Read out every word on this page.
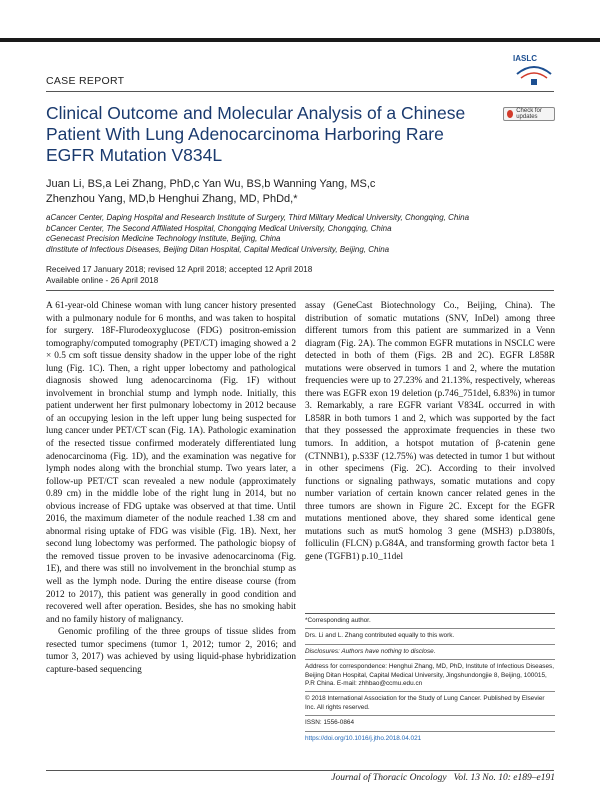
IASLC
CASE REPORT
Check for updates
Clinical Outcome and Molecular Analysis of a Chinese Patient With Lung Adenocarcinoma Harboring Rare EGFR Mutation V834L
Juan Li, BS,a Lei Zhang, PhD,c Yan Wu, BS,b Wanning Yang, MS,c
Zhenzhou Yang, MD,b Henghui Zhang, MD, PhDd,*
aCancer Center, Daping Hospital and Research Institute of Surgery, Third Military Medical University, Chongqing, China
bCancer Center, The Second Affiliated Hospital, Chongqing Medical University, Chongqing, China
cGenecast Precision Medicine Technology Institute, Beijing, China
dInstitute of Infectious Diseases, Beijing Ditan Hospital, Capital Medical University, Beijing, China
Received 17 January 2018; revised 12 April 2018; accepted 12 April 2018
Available online - 26 April 2018

A 61-year-old Chinese woman with lung cancer history presented with a pulmonary nodule for 6 months, and was taken to hospital for surgery. 18F-Flurodeoxyglucose (FDG) positron-emission tomography/computed tomography (PET/CT) imaging showed a 2 × 0.5 cm soft tissue density shadow in the upper lobe of the right lung (Fig. 1C). Then, a right upper lobectomy and pathological diagnosis showed lung adenocarcinoma (Fig. 1F) without involvement in bronchial stump and lymph node. Initially, this patient underwent her first pulmonary lobectomy in 2012 because of an occupying lesion in the left upper lung being suspected for lung cancer under PET/CT scan (Fig. 1A). Pathologic examination of the resected tissue confirmed moderately differentiated lung adenocarcinoma (Fig. 1D), and the examination was negative for lymph nodes along with the bronchial stump. Two years later, a follow-up PET/CT scan revealed a new nodule (approximately 0.89 cm) in the middle lobe of the right lung in 2014, but no obvious increase of FDG uptake was observed at that time. Until 2016, the maximum diameter of the nodule reached 1.38 cm and abnormal rising uptake of FDG was visible (Fig. 1B). Next, her second lung lobectomy was performed. The pathologic biopsy of the removed tissue proven to be invasive adenocarcinoma (Fig. 1E), and there was still no involvement in the bronchial stump as well as the lymph node. During the entire disease course (from 2012 to 2017), this patient was generally in good condition and recovered well after operation. Besides, she has no smoking habit and no family history of malignancy.

Genomic profiling of the three groups of tissue slides from resected tumor specimens (tumor 1, 2012; tumor 2, 2016; and tumor 3, 2017) was achieved by using liquid-phase hybridization capture-based sequencing

assay (GeneCast Biotechnology Co., Beijing, China). The distribution of somatic mutations (SNV, InDel) among three different tumors from this patient are summarized in a Venn diagram (Fig. 2A). The common EGFR mutations in NSCLC were detected in both of them (Figs. 2B and 2C). EGFR L858R mutations were observed in tumors 1 and 2, where the mutation frequencies were up to 27.23% and 21.13%, respectively, whereas there was EGFR exon 19 deletion (p.746_751del, 6.83%) in tumor 3. Remarkably, a rare EGFR variant V834L occurred in with L858R in both tumors 1 and 2, which was supported by the fact that they possessed the approximate frequencies in these two tumors. In addition, a hotspot mutation of β-catenin gene (CTNNB1), p.S33F (12.75%) was detected in tumor 1 but without in other specimens (Fig. 2C). According to their involved functions or signaling pathways, somatic mutations and copy number variation of certain known cancer related genes in the three tumors are shown in Figure 2C. Except for the EGFR mutations mentioned above, they shared some identical gene mutations such as mutS homolog 3 gene (MSH3) p.D380fs, folliculin (FLCN) p.G84A, and transforming growth factor beta 1 gene (TGFB1) p.10_11del

*Corresponding author.
Drs. Li and L. Zhang contributed equally to this work.
Disclosures: Authors have nothing to disclose.
Address for correspondence: Henghui Zhang, MD, PhD, Institute of Infectious Diseases, Beijing Ditan Hospital, Capital Medical University, Jingshundongjie 8, Beijing, 100015, P.R China. E-mail: zhhbao@ccmu.edu.cn
© 2018 International Association for the Study of Lung Cancer. Published by Elsevier Inc. All rights reserved.
ISSN: 1556-0864
https://doi.org/10.1016/j.jtho.2018.04.021
Journal of Thoracic Oncology Vol. 13 No. 10: e189–e191
